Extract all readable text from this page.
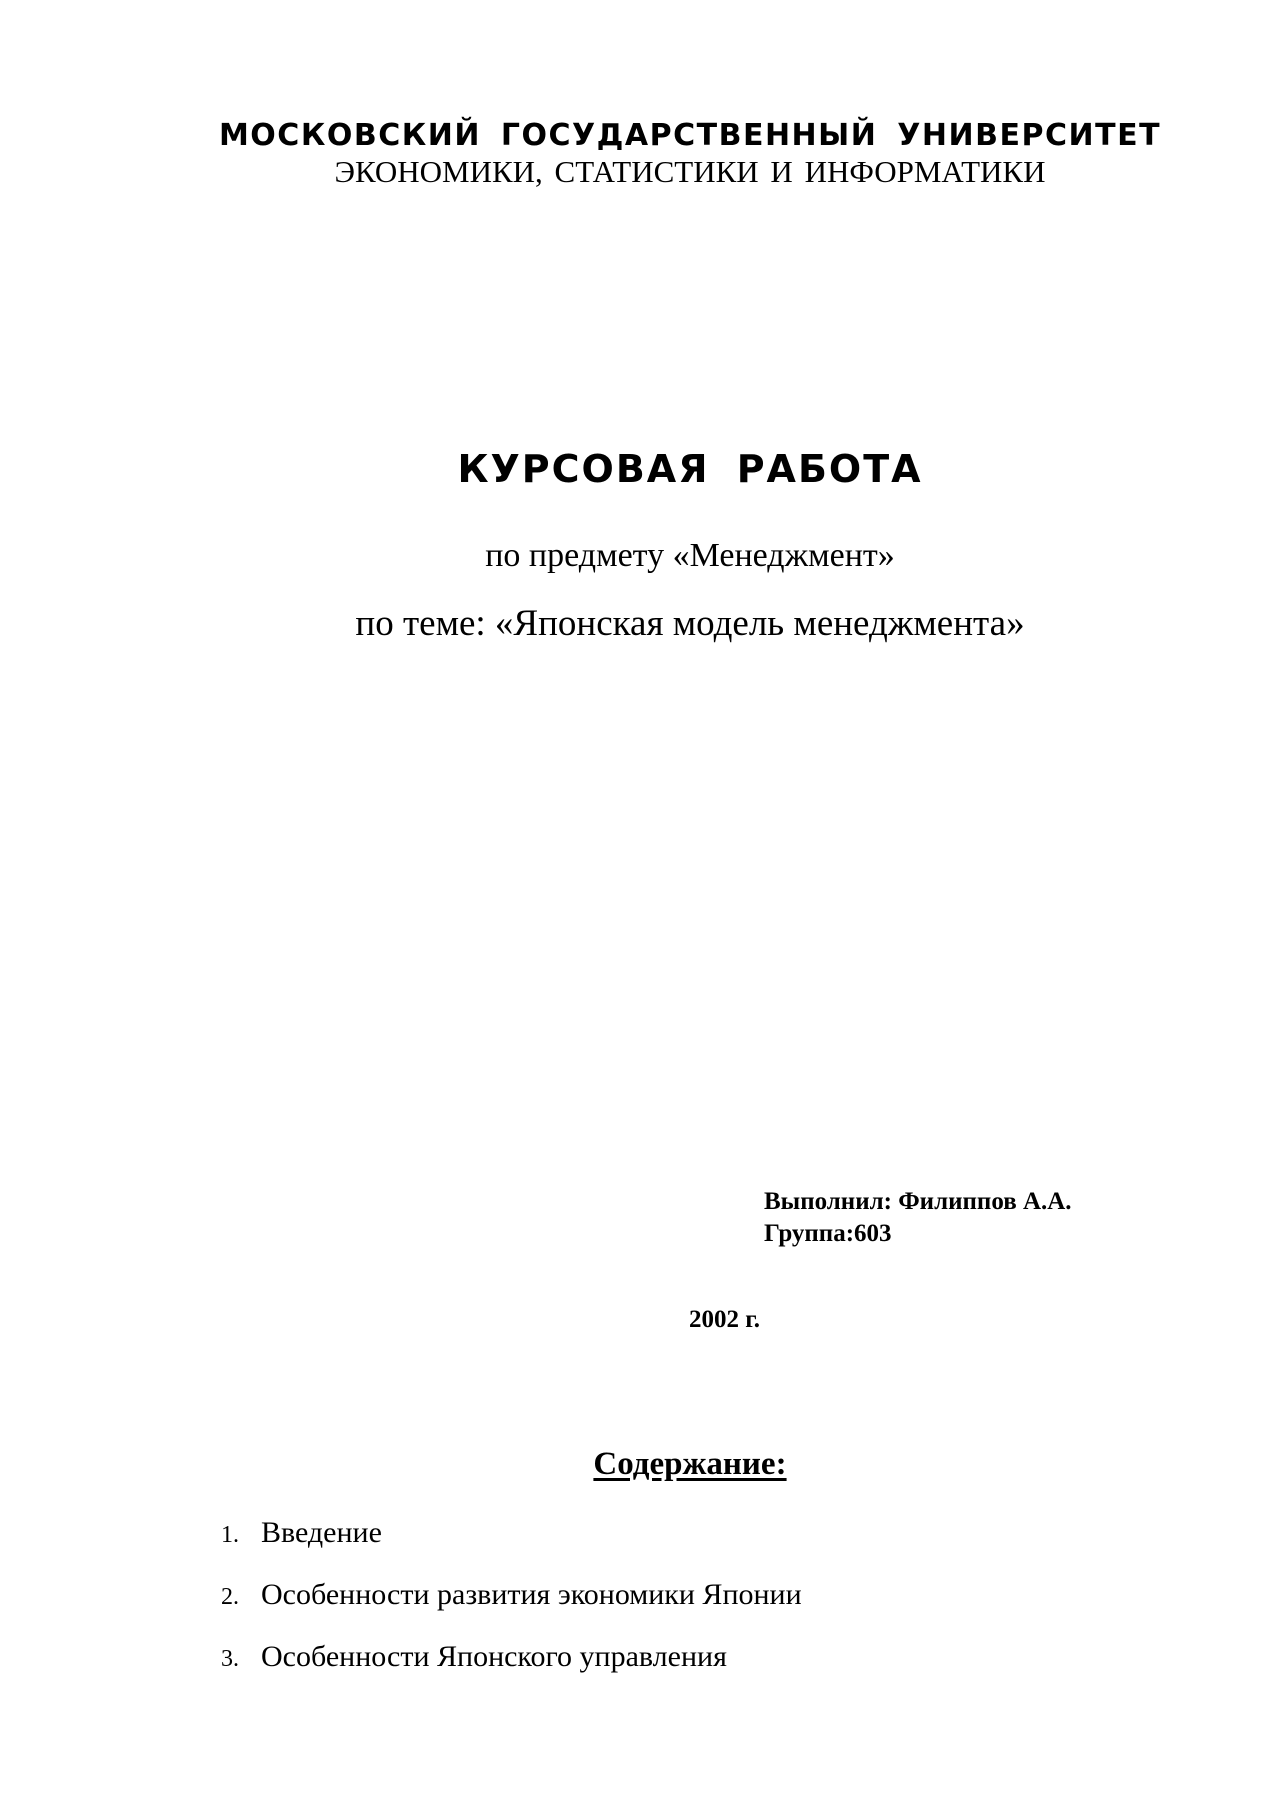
МОСКОВСКИЙ ГОСУДАРСТВЕННЫЙ УНИВЕРСИТЕТ
ЭКОНОМИКИ, СТАТИСТИКИ И ИНФОРМАТИКИ
КУРСОВАЯ РАБОТА
по предмету «Менеджмент»
по теме: «Японская модель менеджмента»
Выполнил: Филиппов А.А.
Группа:603
2002 г.
Содержание:
1. Введение
2. Особенности развития экономики Японии
3. Особенности Японского управления
